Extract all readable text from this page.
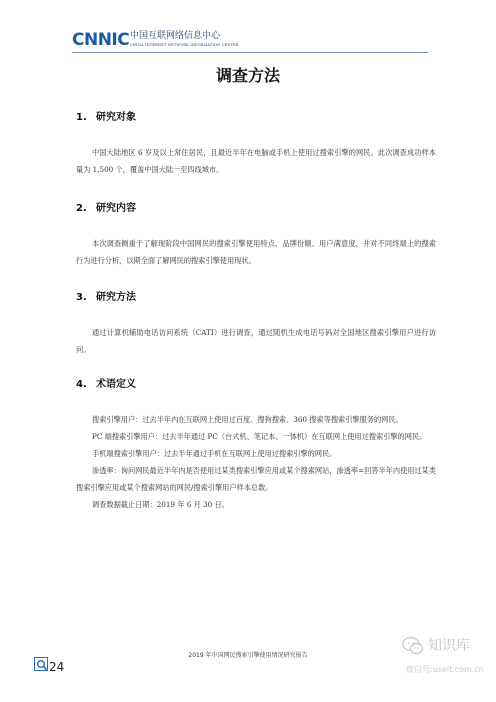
CNNIC 中国互联网络信息中心
CHINA INTERNET NETWORK INFORMATION CENTER
调查方法
1. 研究对象

中国大陆地区 6 岁及以上常住居民，且最近半年在电脑或手机上使用过搜索引擎的网民。此次调查成功样本量为 1,500 个，覆盖中国大陆一至四线城市。

2. 研究内容

本次调查侧重于了解现阶段中国网民的搜索引擎使用特点、品牌份额、用户满意度，并对不同终端上的搜索行为进行分析，以期全面了解网民的搜索引擎使用现状。

3. 研究方法

通过计算机辅助电话访问系统（CATI）进行调查，通过随机生成电话号码对全国地区搜索引擎用户进行访问。

4. 术语定义

搜索引擎用户：过去半年内在互联网上使用过百度、搜狗搜索、360 搜索等搜索引擎服务的网民。

PC 端搜索引擎用户：过去半年通过 PC（台式机、笔记本、一体机）在互联网上使用过搜索引擎的网民。

手机端搜索引擎用户：过去半年通过手机在互联网上使用过搜索引擎的网民。

渗透率：询问网民最近半年内是否使用过某类搜索引擎应用或某个搜索网站，渗透率=回答半年内使用过某类搜索引擎应用或某个搜索网站的网民/搜索引擎用户样本总数。

调查数据截止日期：2019 年 6 月 30 日。

2019 年中国网民搜索引擎使用情况研究报告
24
知识库
微信号:useit.com.cn
